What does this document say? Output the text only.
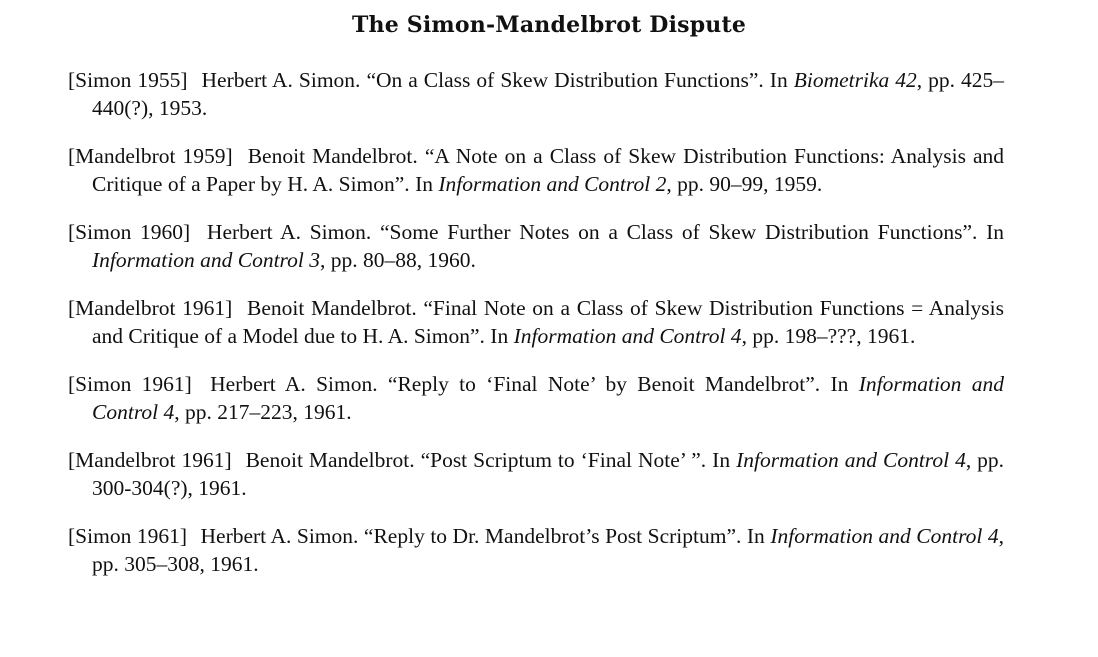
The Simon-Mandelbrot Dispute
[Simon 1955] Herbert A. Simon. “On a Class of Skew Distribution Functions”. In Biometrika 42, pp. 425–440(?), 1953.
[Mandelbrot 1959] Benoit Mandelbrot. “A Note on a Class of Skew Distribution Functions: Analysis and Critique of a Paper by H. A. Simon”. In Information and Control 2, pp. 90–99, 1959.
[Simon 1960] Herbert A. Simon. “Some Further Notes on a Class of Skew Distribution Functions”. In Information and Control 3, pp. 80–88, 1960.
[Mandelbrot 1961] Benoit Mandelbrot. “Final Note on a Class of Skew Distribution Functions = Analysis and Critique of a Model due to H. A. Simon”. In Information and Control 4, pp. 198–???, 1961.
[Simon 1961] Herbert A. Simon. “Reply to ‘Final Note’ by Benoit Mandelbrot”. In Information and Control 4, pp. 217–223, 1961.
[Mandelbrot 1961] Benoit Mandelbrot. “Post Scriptum to ‘Final Note’ ”. In Information and Control 4, pp. 300-304(?), 1961.
[Simon 1961] Herbert A. Simon. “Reply to Dr. Mandelbrot’s Post Scriptum”. In Information and Control 4, pp. 305–308, 1961.
